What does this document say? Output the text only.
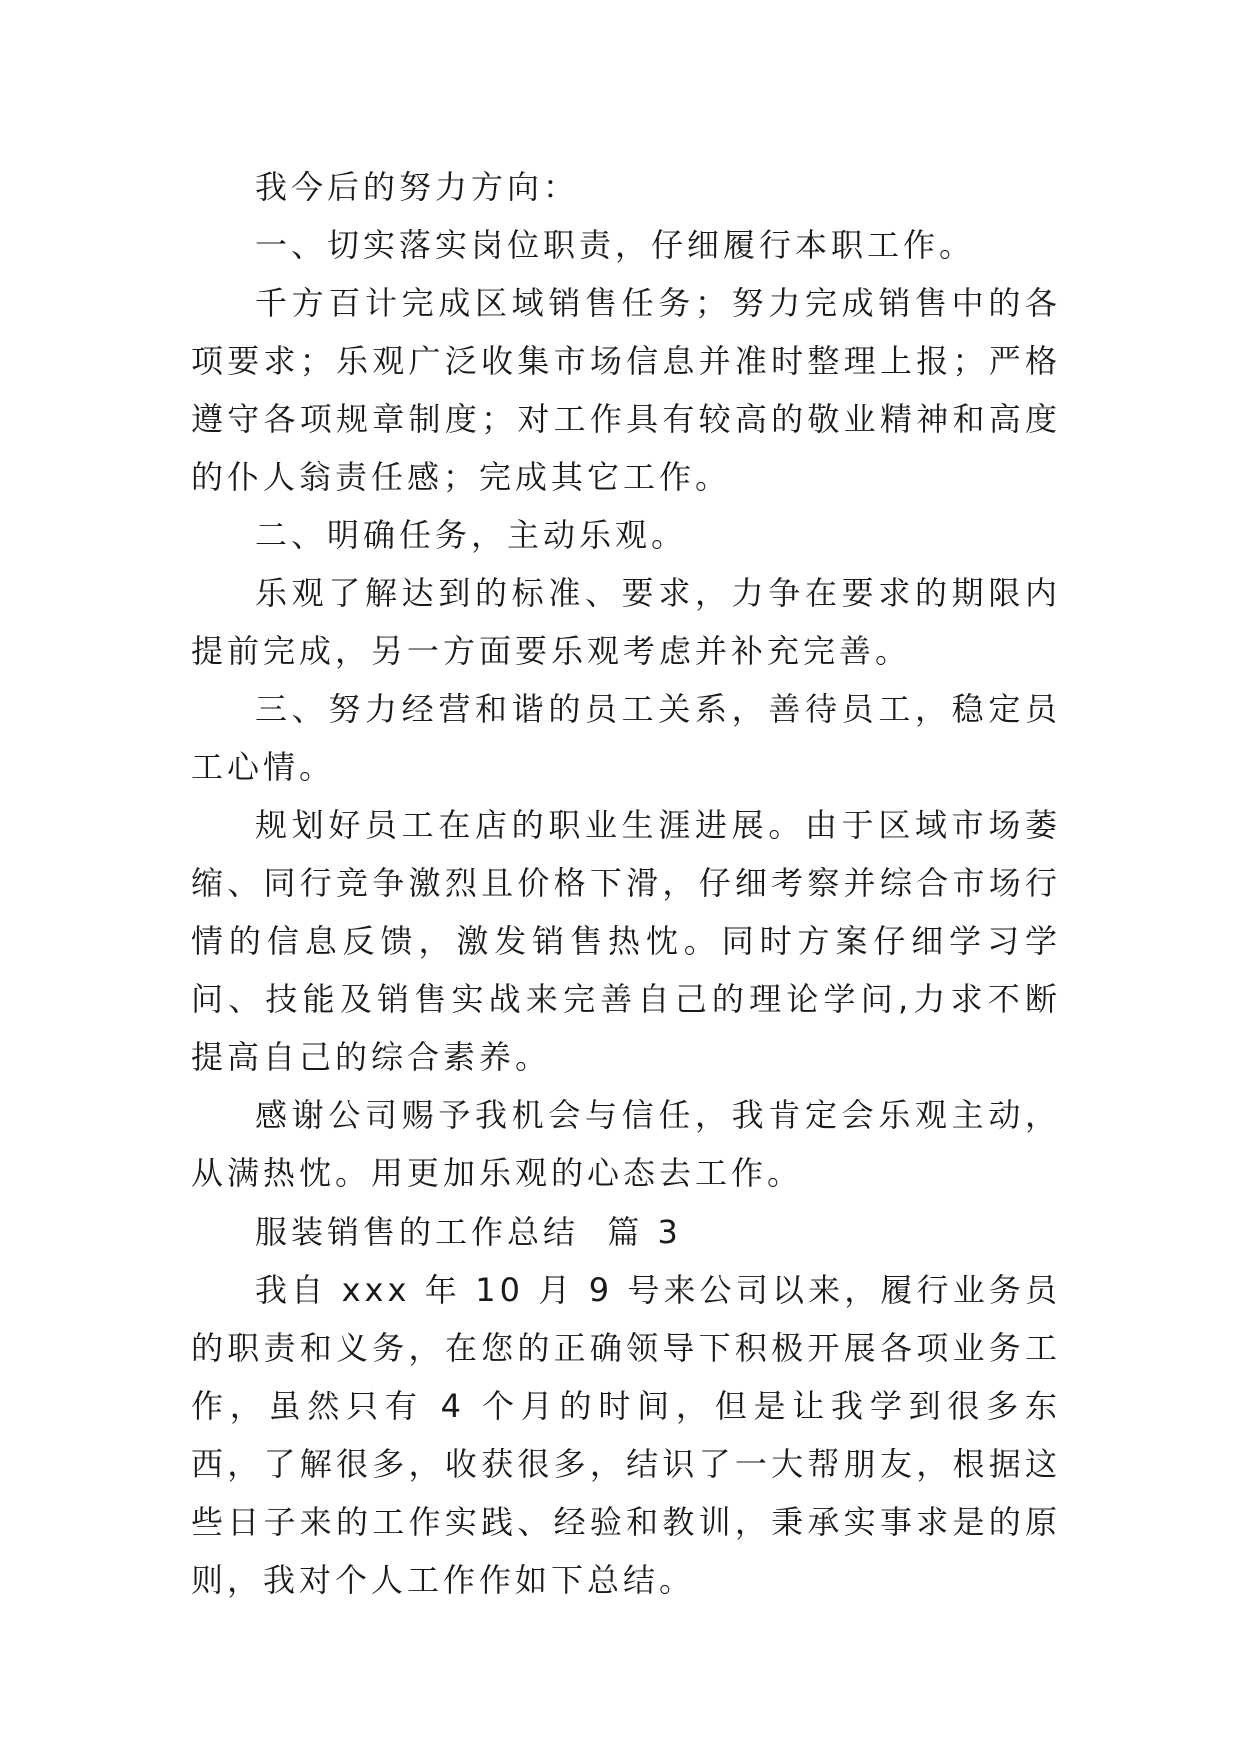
我今后的努力方向：

一、切实落实岗位职责，仔细履行本职工作。

千方百计完成区域销售任务；努力完成销售中的各项要求；乐观广泛收集市场信息并准时整理上报；严格遵守各项规章制度；对工作具有较高的敬业精神和高度的仆人翁责任感；完成其它工作。

二、明确任务，主动乐观。

乐观了解达到的标准、要求，力争在要求的期限内提前完成，另一方面要乐观考虑并补充完善。

三、努力经营和谐的员工关系，善待员工，稳定员工心情。

规划好员工在店的职业生涯进展。由于区域市场萎缩、同行竞争激烈且价格下滑，仔细考察并综合市场行情的信息反馈，激发销售热忱。同时方案仔细学习学问、技能及销售实战来完善自己的理论学问,力求不断提高自己的综合素养。

感谢公司赐予我机会与信任，我肯定会乐观主动，从满热忱。用更加乐观的心态去工作。

服装销售的工作总结  篇 3

我自 xxx 年 10 月 9 号来公司以来，履行业务员的职责和义务，在您的正确领导下积极开展各项业务工作，虽然只有 4 个月的时间，但是让我学到很多东西，了解很多，收获很多，结识了一大帮朋友，根据这些日子来的工作实践、经验和教训，秉承实事求是的原则，我对个人工作作如下总结。
